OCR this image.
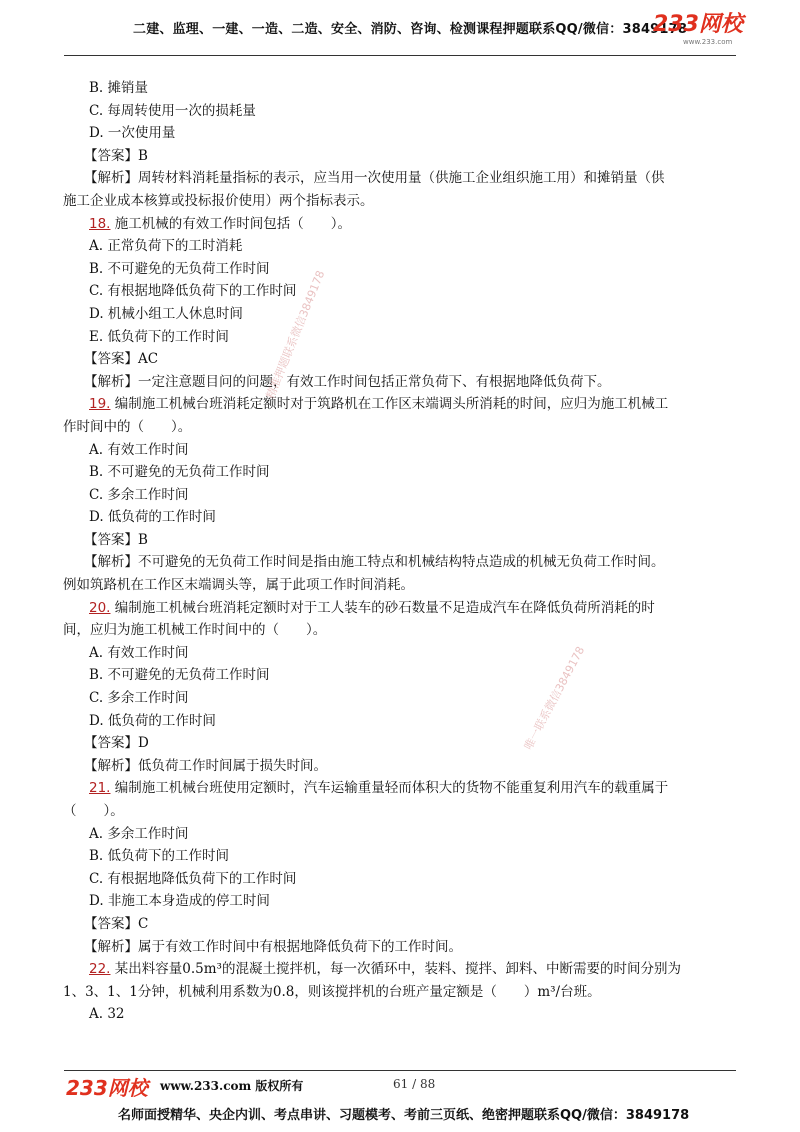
二建、监理、一建、一造、二造、安全、消防、咨询、检测课程押题联系QQ/微信：3849178
233网校
www.233.com
B. 摊销量
C. 每周转使用一次的损耗量
D. 一次使用量
【答案】B
【解析】周转材料消耗量指标的表示，应当用一次使用量（供施工企业组织施工用）和摊销量（供
施工企业成本核算或投标报价使用）两个指标表示。
18. 施工机械的有效工作时间包括（　　）。
A. 正常负荷下的工时消耗
B. 不可避免的无负荷工作时间
C. 有根据地降低负荷下的工作时间
D. 机械小组工人休息时间
E. 低负荷下的工作时间
【答案】AC
【解析】一定注意题目问的问题，有效工作时间包括正常负荷下、有根据地降低负荷下。
19. 编制施工机械台班消耗定额时对于筑路机在工作区末端调头所消耗的时间，应归为施工机械工
作时间中的（　　）。
A. 有效工作时间
B. 不可避免的无负荷工作时间
C. 多余工作时间
D. 低负荷的工作时间
【答案】B
【解析】不可避免的无负荷工作时间是指由施工特点和机械结构特点造成的机械无负荷工作时间。
例如筑路机在工作区末端调头等，属于此项工作时间消耗。
20. 编制施工机械台班消耗定额时对于工人装车的砂石数量不足造成汽车在降低负荷所消耗的时
间，应归为施工机械工作时间中的（　　）。
A. 有效工作时间
B. 不可避免的无负荷工作时间
C. 多余工作时间
D. 低负荷的工作时间
【答案】D
【解析】低负荷工作时间属于损失时间。
21. 编制施工机械台班使用定额时，汽车运输重量轻而体积大的货物不能重复利用汽车的载重属于
（　　）。
A. 多余工作时间
B. 低负荷下的工作时间
C. 有根据地降低负荷下的工作时间
D. 非施工本身造成的停工时间
【答案】C
【解析】属于有效工作时间中有根据地降低负荷下的工作时间。
22. 某出料容量0.5m³的混凝土搅拌机，每一次循环中，装料、搅拌、卸料、中断需要的时间分别为
1、3、1、1分钟，机械利用系数为0.8，则该搅拌机的台班产量定额是（　　）m³/台班。
A. 32
精准押题联系微信3849178
唯一联系微信3849178
233网校 www.233.com 版权所有	61 / 88
名师面授精华、央企内训、考点串讲、习题模考、考前三页纸、绝密押题联系QQ/微信：3849178
